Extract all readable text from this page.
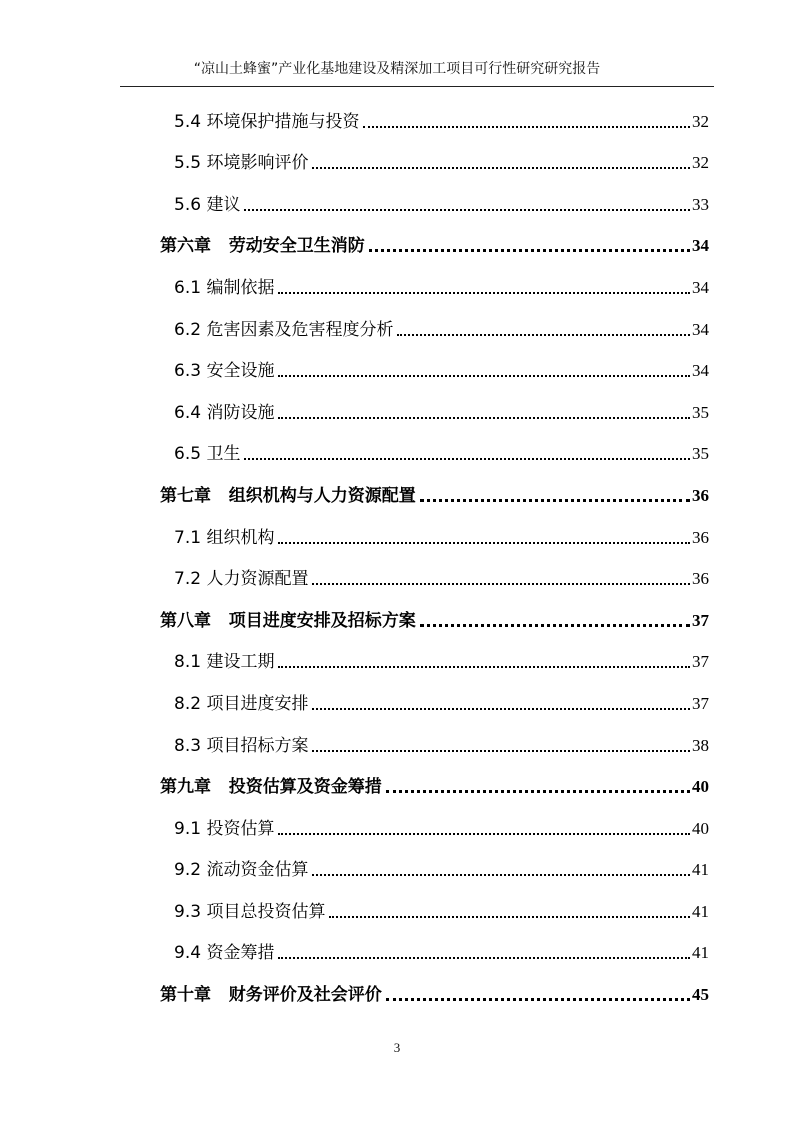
“凉山土蜂蜜”产业化基地建设及精深加工项目可行性研究研究报告
5.4 环境保护措施与投资	32
5.5 环境影响评价	32
5.6 建议	33
第六章   劳动安全卫生消防	34
6.1 编制依据	34
6.2 危害因素及危害程度分析	34
6.3 安全设施	34
6.4 消防设施	35
6.5 卫生	35
第七章   组织机构与人力资源配置	36
7.1 组织机构	36
7.2 人力资源配置	36
第八章   项目进度安排及招标方案	37
8.1 建设工期	37
8.2 项目进度安排	37
8.3 项目招标方案	38
第九章   投资估算及资金筹措	40
9.1 投资估算	40
9.2 流动资金估算	41
9.3 项目总投资估算	41
9.4 资金筹措	41
第十章   财务评价及社会评价	45
3
